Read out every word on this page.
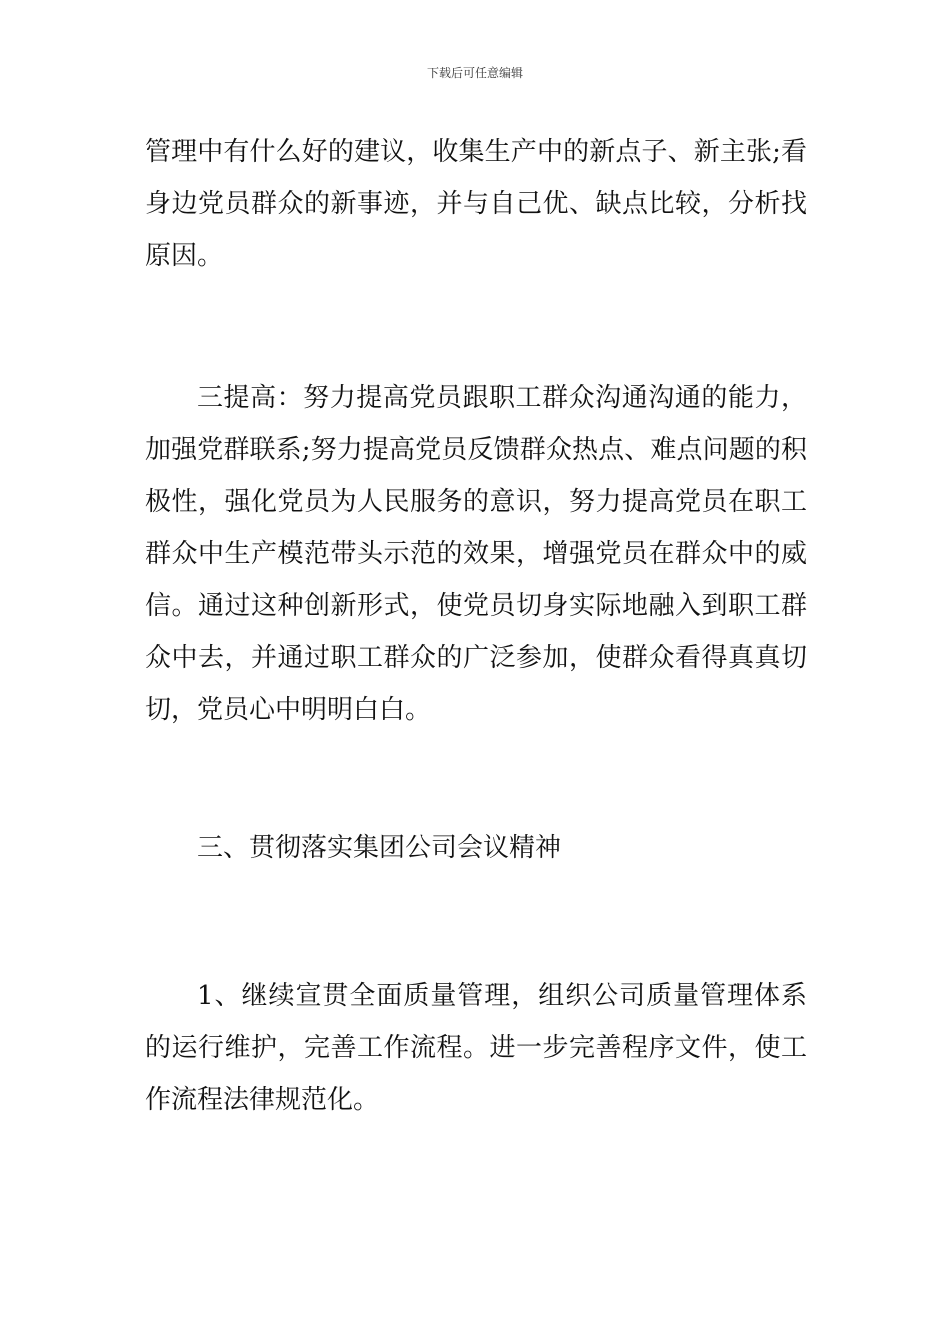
下载后可任意编辑

管理中有什么好的建议，收集生产中的新点子、新主张;看身边党员群众的新事迹，并与自己优、缺点比较，分析找原因。

三提高：努力提高党员跟职工群众沟通沟通的能力，加强党群联系;努力提高党员反馈群众热点、难点问题的积极性，强化党员为人民服务的意识，努力提高党员在职工群众中生产模范带头示范的效果，增强党员在群众中的威信。通过这种创新形式，使党员切身实际地融入到职工群众中去，并通过职工群众的广泛参加，使群众看得真真切切，党员心中明明白白。

三、贯彻落实集团公司会议精神

1、继续宣贯全面质量管理，组织公司质量管理体系的运行维护，完善工作流程。进一步完善程序文件，使工作流程法律规范化。
